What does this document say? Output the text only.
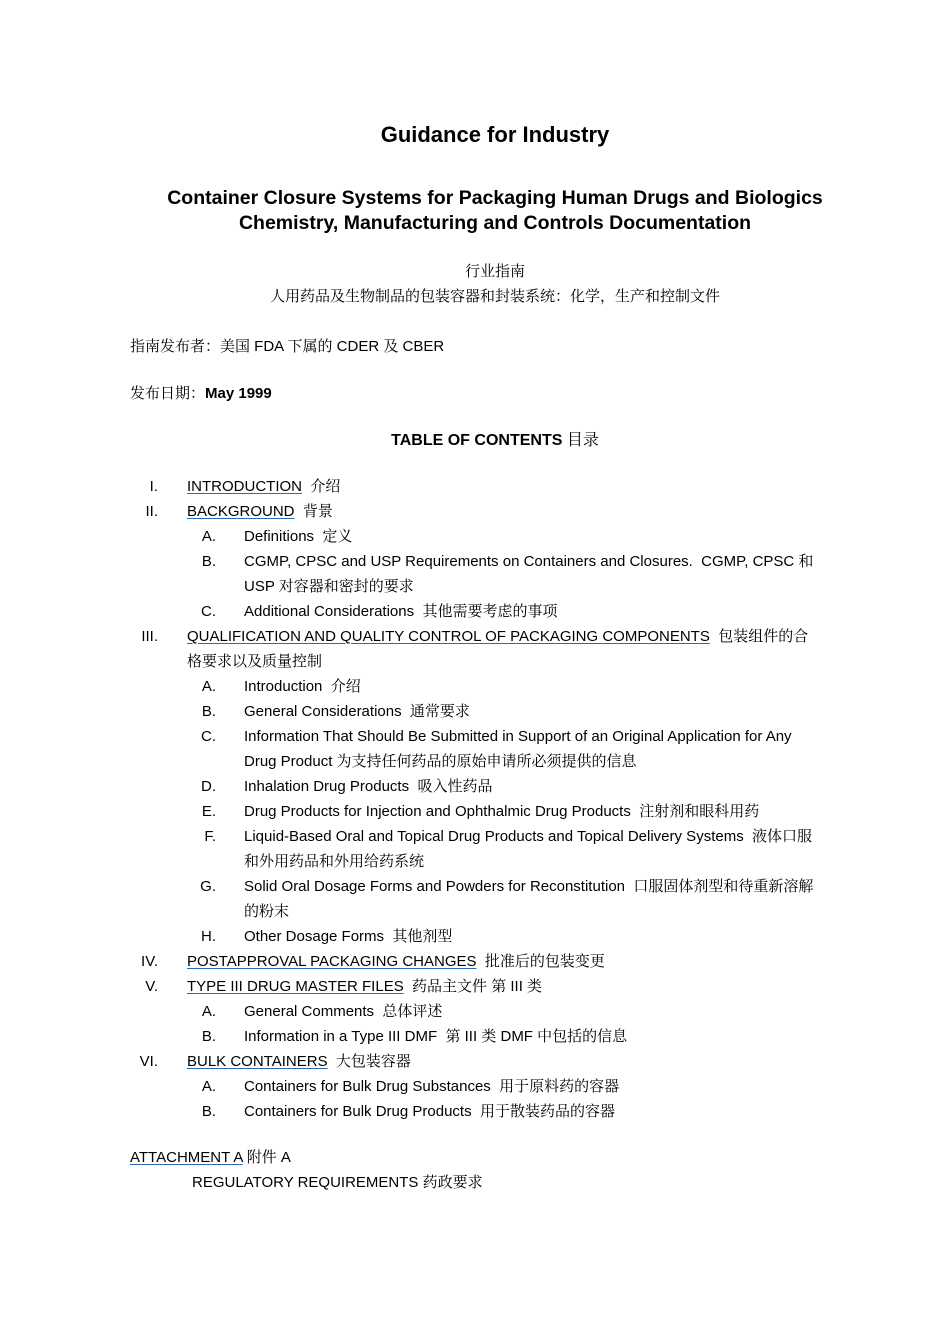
Guidance for Industry
Container Closure Systems for Packaging Human Drugs and Biologics
Chemistry, Manufacturing and Controls Documentation
行业指南
人用药品及生物制品的包装容器和封装系统：化学，生产和控制文件
指南发布者：美国 FDA 下属的 CDER 及 CBER
发布日期：May 1999
TABLE OF CONTENTS 目录
I. INTRODUCTION  介绍
II. BACKGROUND  背景
A. Definitions  定义
B. CGMP, CPSC and USP Requirements on Containers and Closures.  CGMP, CPSC 和
USP 对容器和密封的要求
C. Additional Considerations  其他需要考虑的事项
III. QUALIFICATION AND QUALITY CONTROL OF PACKAGING COMPONENTS  包装组件的合
格要求以及质量控制
A. Introduction  介绍
B. General Considerations  通常要求
C. Information That Should Be Submitted in Support of an Original Application for Any
Drug Product 为支持任何药品的原始申请所必须提供的信息
D. Inhalation Drug Products  吸入性药品
E. Drug Products for Injection and Ophthalmic Drug Products  注射剂和眼科用药
F. Liquid-Based Oral and Topical Drug Products and Topical Delivery Systems  液体口服
和外用药品和外用给药系统
G. Solid Oral Dosage Forms and Powders for Reconstitution  口服固体剂型和待重新溶解
的粉末
H. Other Dosage Forms  其他剂型
IV. POSTAPPROVAL PACKAGING CHANGES  批准后的包装变更
V. TYPE III DRUG MASTER FILES  药品主文件 第 III 类
A. General Comments  总体评述
B. Information in a Type III DMF  第 III 类 DMF 中包括的信息
VI. BULK CONTAINERS  大包装容器
A. Containers for Bulk Drug Substances  用于原料药的容器
B. Containers for Bulk Drug Products  用于散装药品的容器
ATTACHMENT A 附件 A
REGULATORY REQUIREMENTS 药政要求
